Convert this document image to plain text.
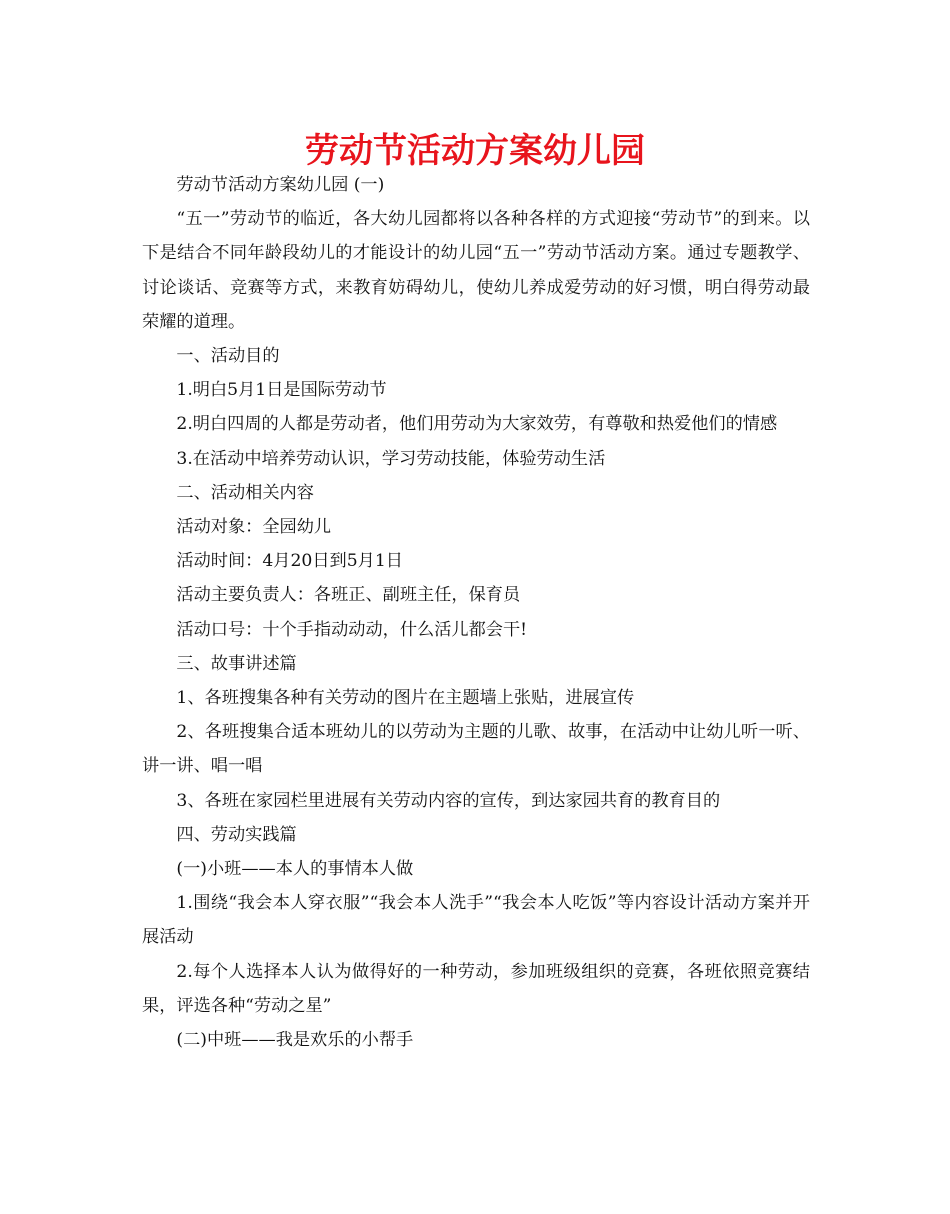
劳动节活动方案幼儿园

劳动节活动方案幼儿园 (一)

“五一”劳动节的临近，各大幼儿园都将以各种各样的方式迎接“劳动节”的到来。以下是结合不同年龄段幼儿的才能设计的幼儿园“五一”劳动节活动方案。通过专题教学、讨论谈话、竞赛等方式，来教育妨碍幼儿，使幼儿养成爱劳动的好习惯，明白得劳动最荣耀的道理。

一、活动目的

1.明白5月1日是国际劳动节

2.明白四周的人都是劳动者，他们用劳动为大家效劳，有尊敬和热爱他们的情感

3.在活动中培养劳动认识，学习劳动技能，体验劳动生活

二、活动相关内容

活动对象：全园幼儿

活动时间：4月20日到5月1日

活动主要负责人：各班正、副班主任，保育员

活动口号：十个手指动动动，什么活儿都会干!

三、故事讲述篇

1、各班搜集各种有关劳动的图片在主题墙上张贴，进展宣传

2、各班搜集合适本班幼儿的以劳动为主题的儿歌、故事，在活动中让幼儿听一听、讲一讲、唱一唱

3、各班在家园栏里进展有关劳动内容的宣传，到达家园共育的教育目的

四、劳动实践篇

(一)小班——本人的事情本人做

1.围绕“我会本人穿衣服”“我会本人洗手”“我会本人吃饭”等内容设计活动方案并开展活动

2.每个人选择本人认为做得好的一种劳动，参加班级组织的竞赛，各班依照竞赛结果，评选各种“劳动之星”

(二)中班——我是欢乐的小帮手
